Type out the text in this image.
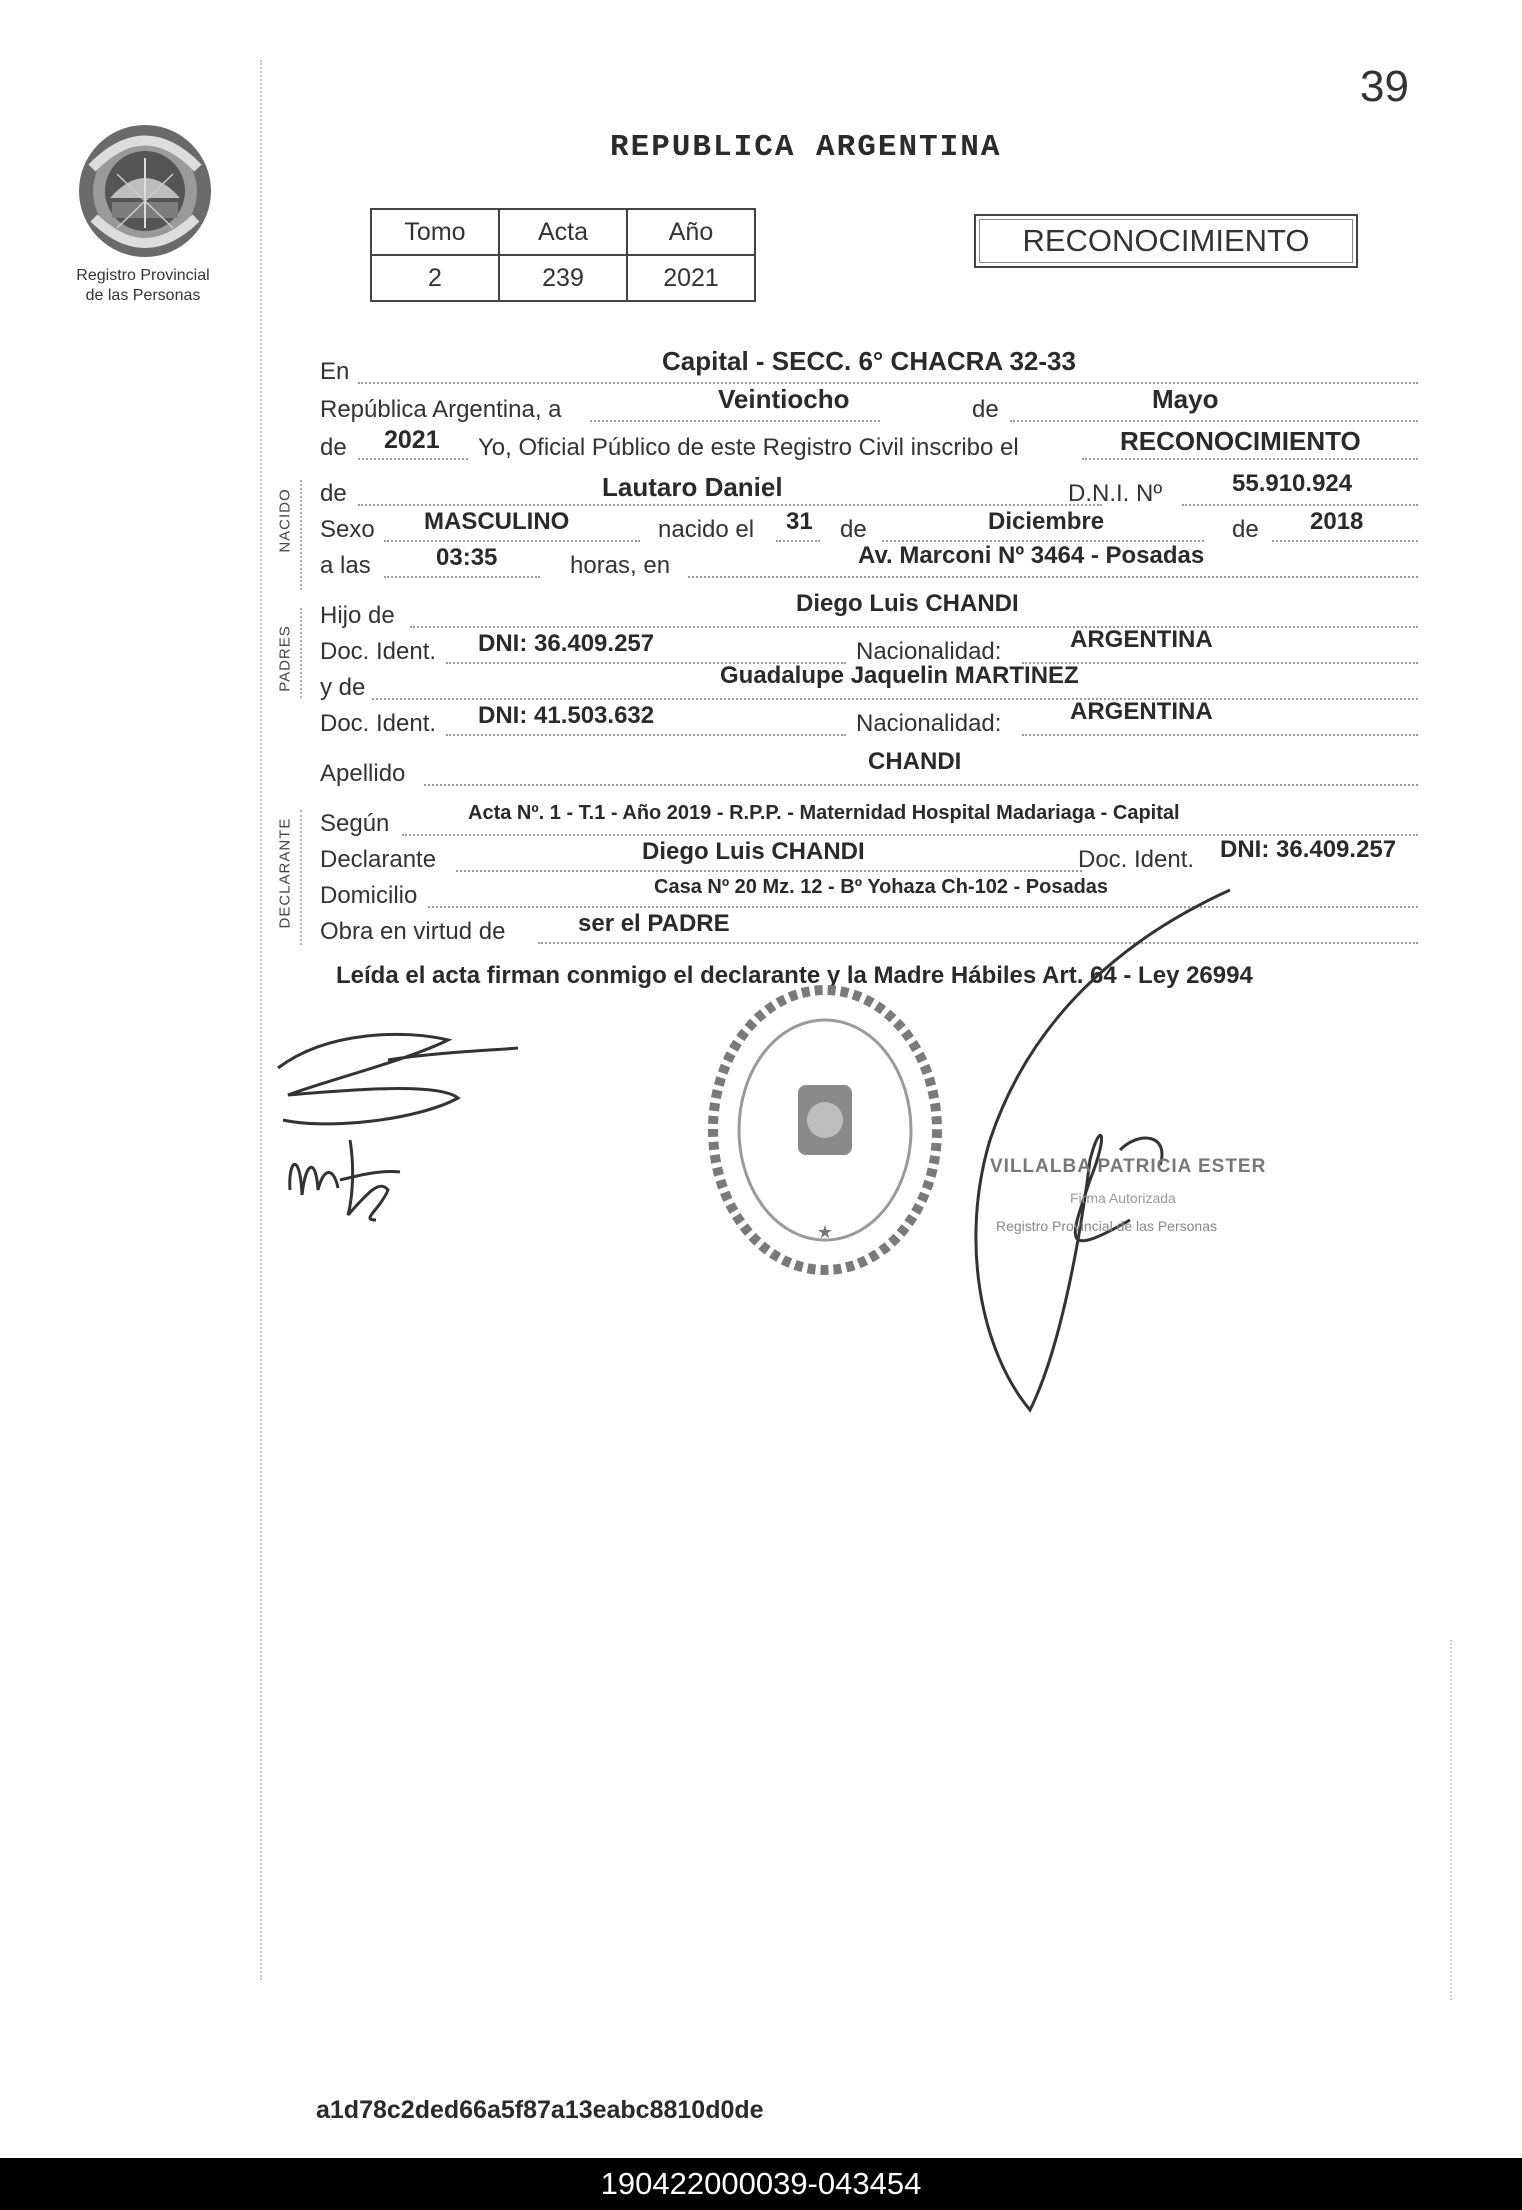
39
Registro Provincial
de las Personas
REPUBLICA ARGENTINA
Tomo	Acta	Año
2	239	2021
RECONOCIMIENTO
NACIDO
PADRES
DECLARANTE
En	Capital - SECC. 6° CHACRA 32-33
República Argentina, a	Veintiocho	de	Mayo
de 2021 Yo, Oficial Público de este Registro Civil inscribo el	RECONOCIMIENTO
de	Lautaro Daniel	D.N.I. Nº	55.910.924
Sexo MASCULINO	nacido el 31 de	Diciembre	de 2018
a las	03:35	horas, en	Av. Marconi Nº 3464 - Posadas
Hijo de	Diego Luis CHANDI
Doc. Ident. DNI: 36.409.257	Nacionalidad:	ARGENTINA
y de	Guadalupe Jaquelin MARTINEZ
Doc. Ident. DNI: 41.503.632	Nacionalidad:	ARGENTINA
Apellido	CHANDI
Según	Acta Nº. 1 - T.1 - Año 2019 - R.P.P. - Maternidad Hospital Madariaga - Capital
Declarante	Diego Luis CHANDI	Doc. Ident. DNI: 36.409.257
Domicilio	Casa Nº 20 Mz. 12 - Bº Yohaza Ch-102 - Posadas
Obra en virtud de	ser el PADRE
Leída el acta firman conmigo el declarante y la Madre Hábiles Art. 64 - Ley 26994
★
VILLALBA PATRICIA ESTER
Firma Autorizada
Registro Provincial de las Personas
a1d78c2ded66a5f87a13eabc8810d0de
190422000039-043454
